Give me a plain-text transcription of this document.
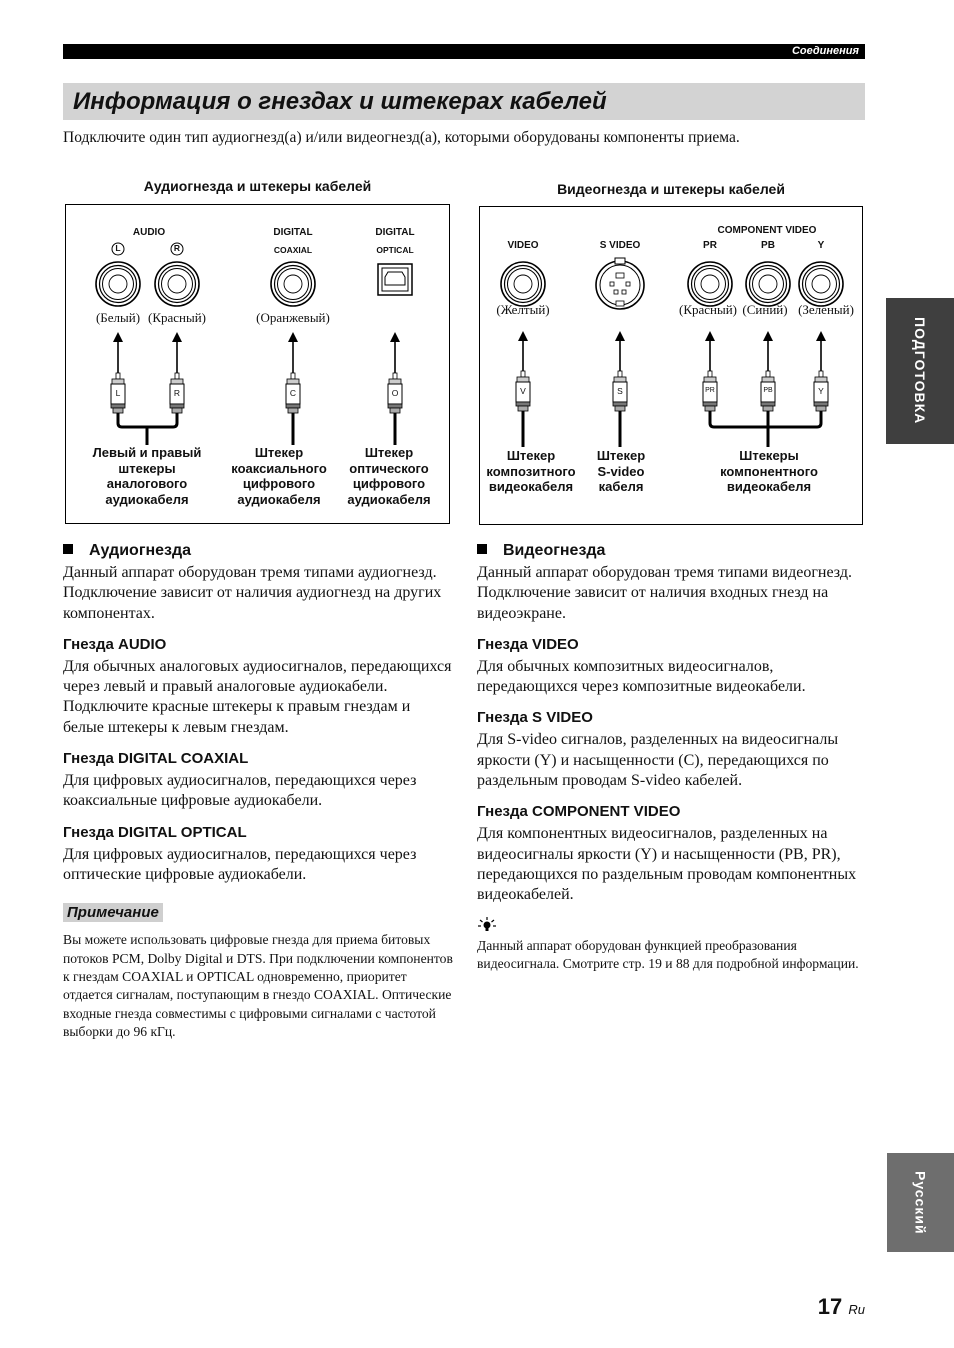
Соединения
Информация о гнездах и штекерах кабелей
Подключите один тип аудиогнезд(а) и/или видеогнезд(а), которыми оборудованы компоненты приема.
Аудиогнезда и штекеры кабелей	Видеогнезда и штекеры кабелей
AUDIO
L	R
DIGITAL
COAXIAL
DIGITAL
OPTICAL
(Белый) (Красный)	(Оранжевый)
L	R	C	O
Левый и правый
штекеры
аналогового
аудиокабеля
Штекер
коаксиального
цифрового
аудиокабеля
Штекер
оптического
цифрового
аудиокабеля
VIDEO	S VIDEO
COMPONENT VIDEO
PR	PB	Y
(Желтый)	(Красный) (Синий) (Зеленый)
V	S	PR	PB	Y
Штекер
композитного
видеокабеля
Штекер
S-video
кабеля
Штекеры
компонентного
видеокабеля
Аудиогнезда

Данный аппарат оборудован тремя типами аудиогнезд. Подключение зависит от наличия аудиогнезд на других компонентах.

Гнезда AUDIO

Для обычных аналоговых аудиосигналов, передающихся через левый и правый аналоговые аудиокабели. Подключите красные штекеры к правым гнездам и белые штекеры к левым гнездам.

Гнезда DIGITAL COAXIAL

Для цифровых аудиосигналов, передающихся через коаксиальные цифровые аудиокабели.

Гнезда DIGITAL OPTICAL

Для цифровых аудиосигналов, передающихся через оптические цифровые аудиокабели.

Примечание

Вы можете использовать цифровые гнезда для приема битовых потоков PCM, Dolby Digital и DTS. При подключении компонентов к гнездам COAXIAL и OPTICAL одновременно, приоритет отдается сигналам, поступающим в гнездо COAXIAL. Оптические входные гнезда совместимы с цифровыми сигналами с частотой выборки до 96 кГц.

Видеогнезда

Данный аппарат оборудован тремя типами видеогнезд. Подключение зависит от наличия входных гнезд на видеоэкране.

Гнезда VIDEO

Для обычных композитных видеосигналов, передающихся через композитные видеокабели.

Гнезда S VIDEO

Для S-video сигналов, разделенных на видеосигналы яркости (Y) и насыщенности (C), передающихся по раздельным проводам S-video кабелей.

Гнезда COMPONENT VIDEO

Для компонентных видеосигналов, разделенных на видеосигналы яркости (Y) и насыщенности (PB, PR), передающихся по раздельным проводам компонентных видеокабелей.

Данный аппарат оборудован функцией преобразования видеосигнала. Смотрите стр. 19 и 88 для подробной информации.

ПОДГОТОВКА
Русский
17 Ru
